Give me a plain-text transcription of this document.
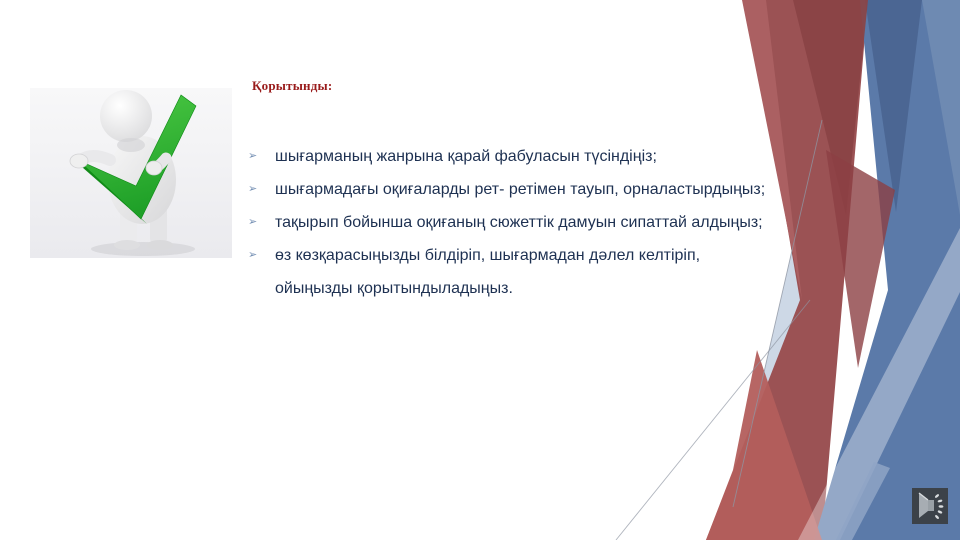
Қорытынды:
➢	шығарманың жанрына қарай фабуласын түсіндіңіз;
➢	шығармадағы оқиғаларды рет- ретімен тауып, орналастырдыңыз;
➢	тақырып бойынша оқиғаның сюжеттік дамуын сипаттай алдыңыз;
➢	өз көзқарасыңызды білдіріп, шығармадан дәлел келтіріп,
ойыңызды қорытындыладыңыз.
